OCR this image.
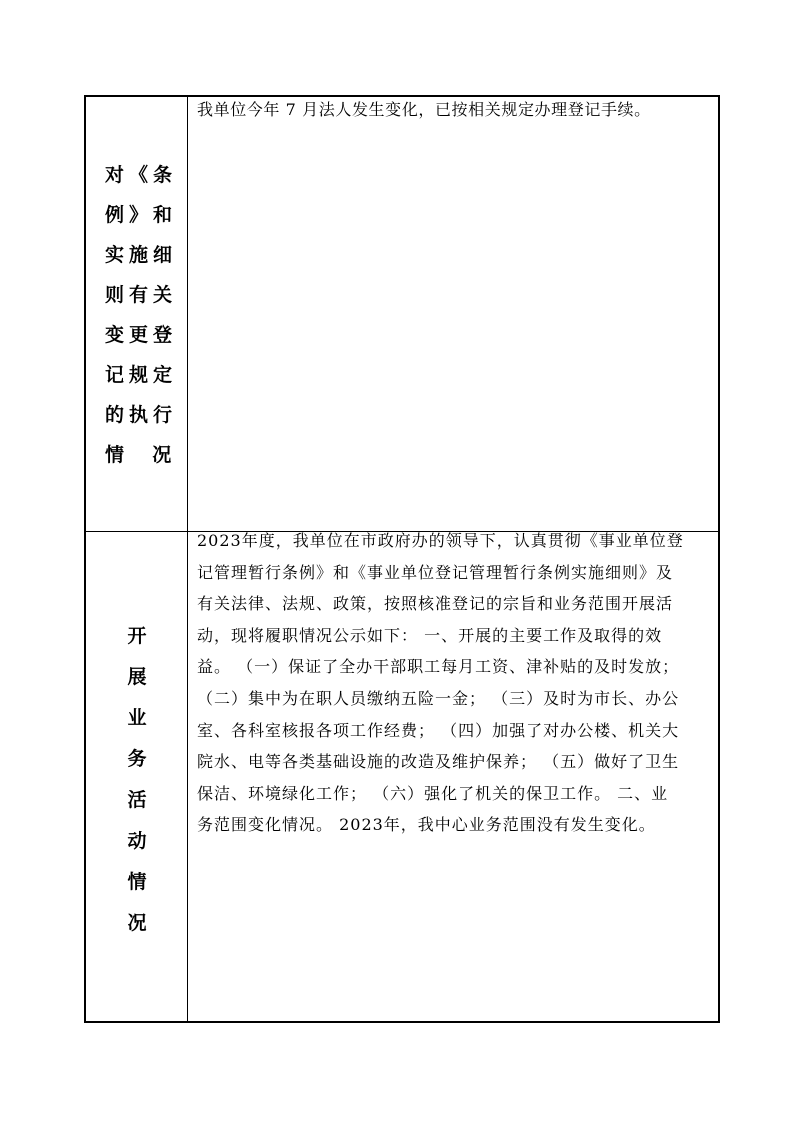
对《条
例》和
实施细
则有关
变更登
记规定
的执行
情  况
我单位今年 7 月法人发生变化，已按相关规定办理登记手续。
开
展
业
务
活
动
情
况
2023年度，我单位在市政府办的领导下，认真贯彻《事业单位登
记管理暂行条例》和《事业单位登记管理暂行条例实施细则》及
有关法律、法规、政策，按照核准登记的宗旨和业务范围开展活
动，现将履职情况公示如下： 一、开展的主要工作及取得的效
益。 （一）保证了全办干部职工每月工资、津补贴的及时发放；
（二）集中为在职人员缴纳五险一金； （三）及时为市长、办公
室、各科室核报各项工作经费； （四）加强了对办公楼、机关大
院水、电等各类基础设施的改造及维护保养； （五）做好了卫生
保洁、环境绿化工作； （六）强化了机关的保卫工作。 二、业
务范围变化情况。 2023年，我中心业务范围没有发生变化。
